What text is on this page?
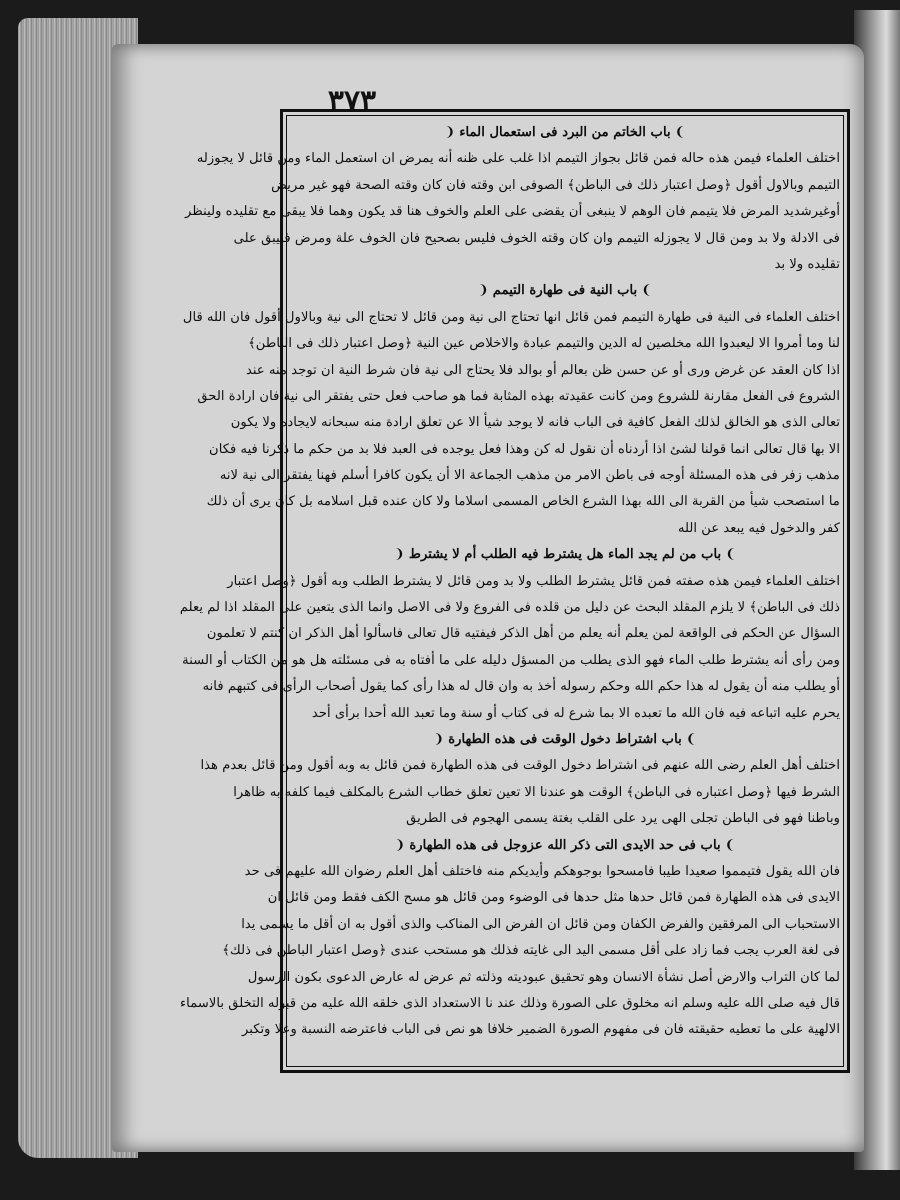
٣٧٣
❩باب الخاتم من البرد فى استعمال الماء❨
اختلف العلماء فيمن هذه حاله فمن قائل بجواز التيمم اذا غلب على ظنه أنه يمرض ان استعمل الماء ومن قائل لا يجوزله
التيمم وبالاول أقول ﴿وصل اعتبار ذلك فى الباطن﴾ الصوفى ابن وقته فان كان وقته الصحة فهو غير مريض
أوغيرشديد المرض فلا يتيمم فان الوهم لا ينبغى أن يقضى على العلم والخوف هنا قد يكون وهما فلا يبقى مع تقليده ولينظر
فى الادلة ولا بد ومن قال لا يجوزله التيمم وان كان وقته الخوف فليس بصحيح فان الخوف علة ومرض فليبق على
تقليده ولا بد
❩باب النية فى طهارة التيمم❨
اختلف العلماء فى النية فى طهارة التيمم فمن قائل انها تحتاج الى نية ومن قائل لا تحتاج الى نية وبالاول أقول فان الله قال
لنا وما أمروا الا ليعبدوا الله مخلصين له الدين والتيمم عبادة والاخلاص عين النية ﴿وصل اعتبار ذلك فى الباطن﴾
اذا كان العقد عن غرض ورى أو عن حسن ظن بعالم أو بوالد فلا يحتاج الى نية فان شرط النية ان توجد منه عند
الشروع فى الفعل مقارنة للشروع ومن كانت عقيدته بهذه المثابة فما هو صاحب فعل حتى يفتقر الى نية فان ارادة الحق
تعالى الذى هو الخالق لذلك الفعل كافية فى الباب فانه لا يوجد شيأ الا عن تعلق ارادة منه سبحانه لايجاده ولا يكون
الا بها قال تعالى انما قولنا لشئ اذا أردناه أن نقول له كن وهذا فعل يوجده فى العبد فلا بد من حكم ما ذكرنا فيه فكان
مذهب زفر فى هذه المسئلة أوجه فى باطن الامر من مذهب الجماعة الا أن يكون كافرا أسلم فهنا يفتقر الى نية لانه
ما استصحب شيأ من القربة الى الله بهذا الشرع الخاص المسمى اسلاما ولا كان عنده قبل اسلامه بل كان يرى أن ذلك
كفر والدخول فيه يبعد عن الله
❩باب من لم يجد الماء هل يشترط فيه الطلب أم لا يشترط❨
اختلف العلماء فيمن هذه صفته فمن قائل يشترط الطلب ولا بد ومن قائل لا يشترط الطلب وبه أقول ﴿وصل اعتبار
ذلك فى الباطن﴾ لا يلزم المقلد البحث عن دليل من قلده فى الفروع ولا فى الاصل وانما الذى يتعين على المقلد اذا لم يعلم
السؤال عن الحكم فى الواقعة لمن يعلم أنه يعلم من أهل الذكر فيفتيه قال تعالى فاسألوا أهل الذكر ان كنتم لا تعلمون
ومن رأى أنه يشترط طلب الماء فهو الذى يطلب من المسؤل دليله على ما أفتاه به فى مسئلته هل هو من الكتاب أو السنة
أو يطلب منه أن يقول له هذا حكم الله وحكم رسوله أخذ به وان قال له هذا رأى كما يقول أصحاب الرأى فى كتبهم فانه
يحرم عليه اتباعه فيه فان الله ما تعبده الا بما شرع له فى كتاب أو سنة وما تعبد الله أحدا برأى أحد
❩باب اشتراط دخول الوقت فى هذه الطهارة❨
اختلف أهل العلم رضى الله عنهم فى اشتراط دخول الوقت فى هذه الطهارة فمن قائل به وبه أقول ومن قائل بعدم هذا
الشرط فيها ﴿وصل اعتباره فى الباطن﴾ الوقت هو عندنا الا تعين تعلق خطاب الشرع بالمكلف فيما كلفه به ظاهرا
وباطنا فهو فى الباطن تجلى الهى يرد على القلب بغتة يسمى الهجوم فى الطريق
❩باب فى حد الايدى التى ذكر الله عزوجل فى هذه الطهارة❨
فان الله يقول فتيمموا صعيدا طيبا فامسحوا بوجوهكم وأيديكم منه فاختلف أهل العلم رضوان الله عليهم فى حد
الايدى فى هذه الطهارة فمن قائل حدها مثل حدها فى الوضوء ومن قائل هو مسح الكف فقط ومن قائل ان
الاستحباب الى المرفقين والفرض الكفان ومن قائل ان الفرض الى المناكب والذى أقول به ان أقل ما يسمى يدا
فى لغة العرب يجب فما زاد على أقل مسمى اليد الى غايته فذلك هو مستحب عندى ﴿وصل اعتبار الباطن فى ذلك﴾
لما كان التراب والارض أصل نشأة الانسان وهو تحقيق عبوديته وذلته ثم عرض له عارض الدعوى بكون الرسول
قال فيه صلى الله عليه وسلم انه مخلوق على الصورة وذلك عند نا الاستعداد الذى خلقه الله عليه من قبوله التخلق بالاسماء
الالهية على ما تعطيه حقيقته فان فى مفهوم الصورة الضمير خلافا هو نص فى الباب فاعترضه النسبة وعلا وتكبر
